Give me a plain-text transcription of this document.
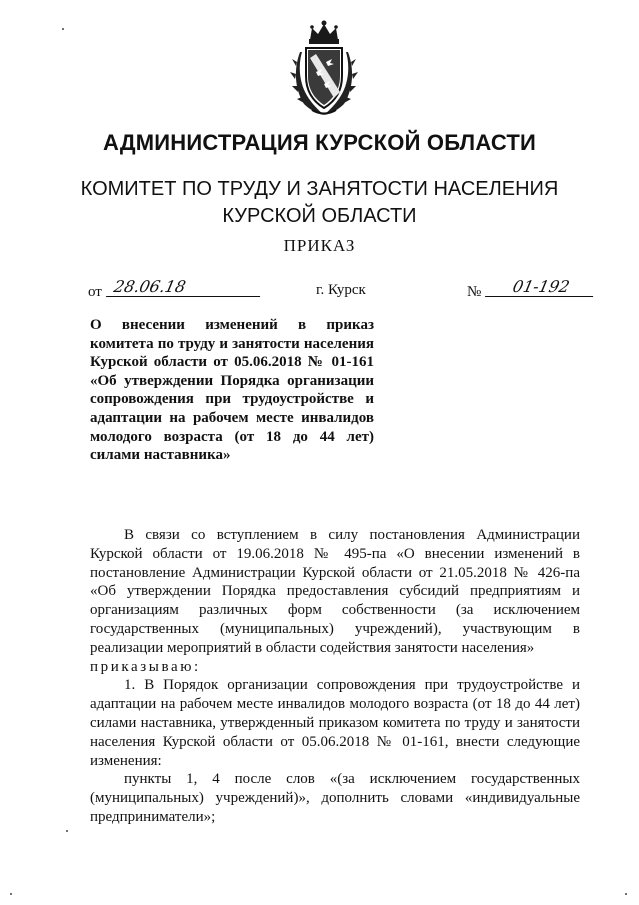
АДМИНИСТРАЦИЯ КУРСКОЙ ОБЛАСТИ
КОМИТЕТ ПО ТРУДУ И ЗАНЯТОСТИ НАСЕЛЕНИЯ
КУРСКОЙ ОБЛАСТИ
ПРИКАЗ
от 28.06.18	г. Курск	№ 01-192
О внесении изменений в приказ комитета по труду и занятости населения Курской области от 05.06.2018 № 01-161 «Об утверждении Порядка организации сопровождения при трудоустройстве и адаптации на рабочем месте инвалидов молодого возраста (от 18 до 44 лет) силами наставника»

В связи со вступлением в силу постановления Администрации Курской области от 19.06.2018 № 495-па «О внесении изменений в постановление Администрации Курской области от 21.05.2018 № 426-па «Об утверждении Порядка предоставления субсидий предприятиям и организациям различных форм собственности (за исключением государственных (муниципальных) учреждений), участвующим в реализации мероприятий в области содействия занятости населения»

приказываю:

1. В Порядок организации сопровождения при трудоустройстве и адаптации на рабочем месте инвалидов молодого возраста (от 18 до 44 лет) силами наставника, утвержденный приказом комитета по труду и занятости населения Курской области от 05.06.2018 № 01-161, внести следующие изменения:

пункты 1, 4 после слов «(за исключением государственных (муниципальных) учреждений)», дополнить словами «индивидуальные предприниматели»;
